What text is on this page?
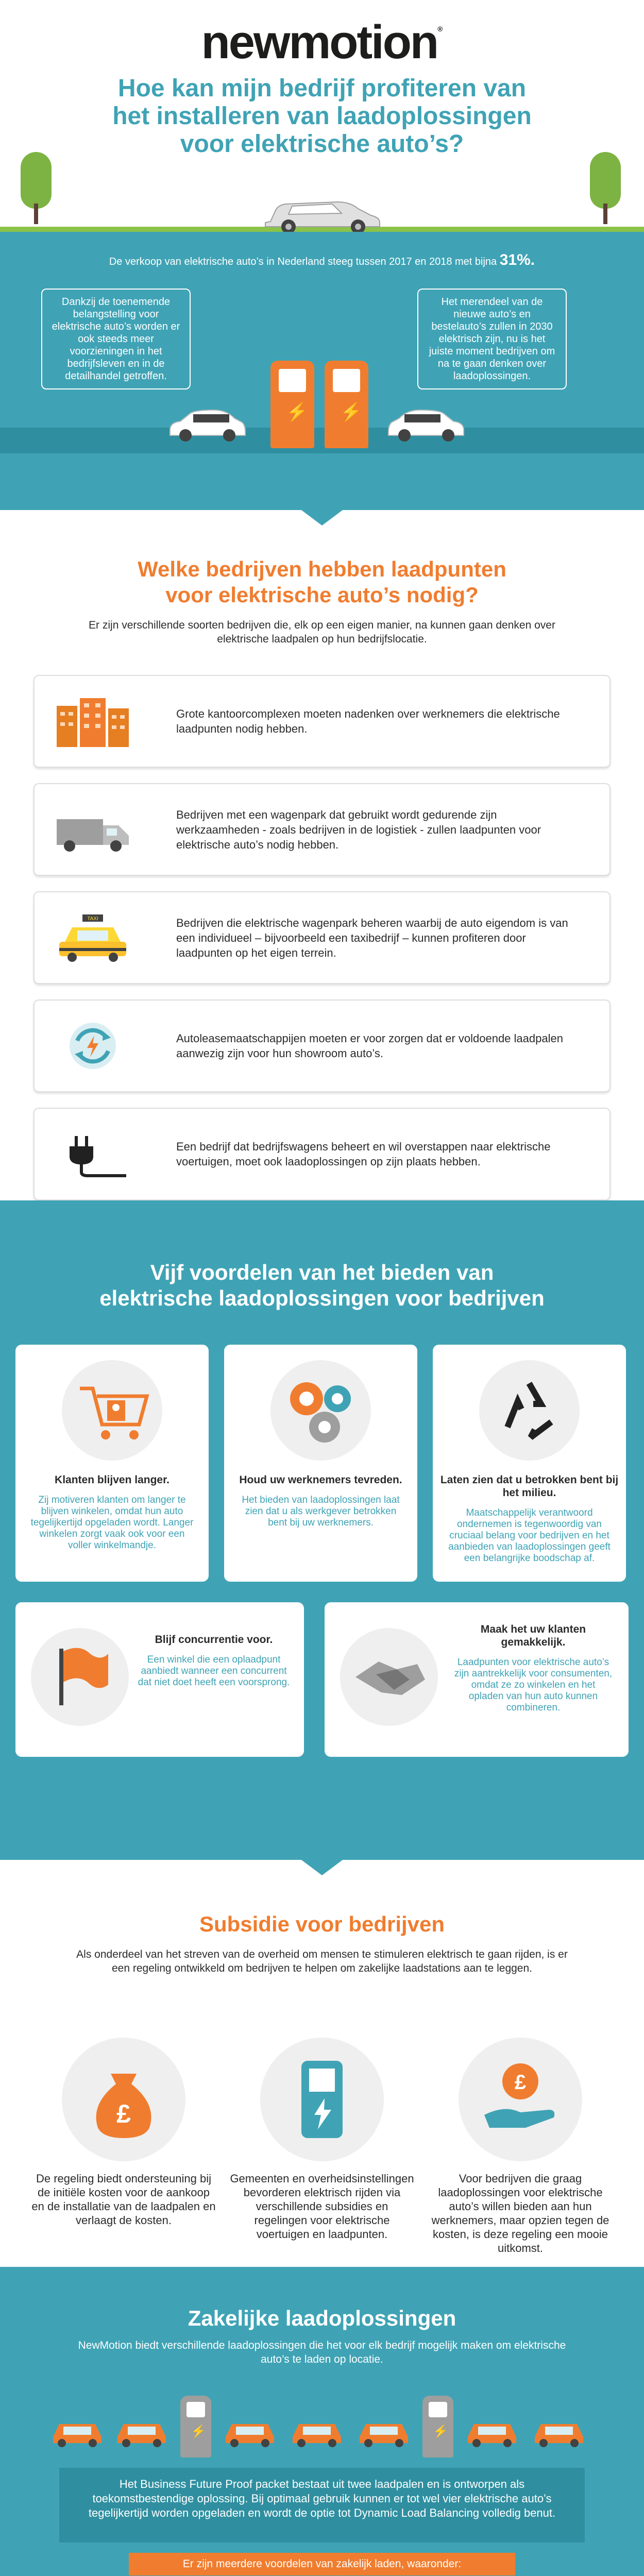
newmotion®
Hoe kan mijn bedrijf profiteren van
het installeren van laadoplossingen
voor elektrische auto’s?
De verkoop van elektrische auto’s in Nederland steeg tussen 2017 en 2018 met bijna 31%.
Dankzij de toenemende belangstelling voor elektrische auto’s worden er ook steeds meer voorzieningen in het bedrijfsleven en in de detailhandel getroffen.
Het merendeel van de nieuwe auto’s en bestelauto’s zullen in 2030 elektrisch zijn, nu is het juiste moment bedrijven om na te gaan denken over laadoplossingen.
⚡ ⚡
Welke bedrijven hebben laadpunten
voor elektrische auto’s nodig?
Er zijn verschillende soorten bedrijven die, elk op een eigen manier, na kunnen gaan denken over elektrische laadpalen op hun bedrijfslocatie.
Grote kantoorcomplexen moeten nadenken over werknemers die elektrische laadpunten nodig hebben.
Bedrijven met een wagenpark dat gebruikt wordt gedurende zijn werkzaamheden - zoals bedrijven in de logistiek - zullen laadpunten voor elektrische auto’s nodig hebben.
TAXI	Bedrijven die elektrische wagenpark beheren waarbij de auto eigendom is van een individueel – bijvoorbeeld een taxibedrijf – kunnen profiteren door laadpunten op het eigen terrein.
Autoleasemaatschappijen moeten er voor zorgen dat er voldoende laadpalen aanwezig zijn voor hun showroom auto’s.
Een bedrijf dat bedrijfswagens beheert en wil overstappen naar elektrische voertuigen, moet ook laadoplossingen op zijn plaats hebben.
Vijf voordelen van het bieden van
elektrische laadoplossingen voor bedrijven
Klanten blijven langer.
Zij motiveren klanten om langer te blijven winkelen, omdat hun auto tegelijkertijd opgeladen wordt. Langer winkelen zorgt vaak ook voor een voller winkelmandje.
Houd uw werknemers tevreden.
Het bieden van laadoplossingen laat zien dat u als werkgever betrokken bent bij uw werknemers.
Laten zien dat u betrokken bent bij het milieu.
Maatschappelijk verantwoord ondernemen is tegenwoordig van cruciaal belang voor bedrijven en het aanbieden van laadoplossingen geeft een belangrijke boodschap af.
Blijf concurrentie voor.
Een winkel die een oplaadpunt aanbiedt wanneer een concurrent dat niet doet heeft een voorsprong.
Maak het uw klanten gemakkelijk.
Laadpunten voor elektrische auto’s zijn aantrekkelijk voor consumenten, omdat ze zo winkelen en het opladen van hun auto kunnen combineren.
Subsidie voor bedrijven
Als onderdeel van het streven van de overheid om mensen te stimuleren elektrisch te gaan rijden, is er een regeling ontwikkeld om bedrijven te helpen om zakelijke laadstations aan te leggen.
£
De regeling biedt ondersteuning bij de initiële kosten voor de aankoop en de installatie van de laadpalen en verlaagt de kosten.
Gemeenten en overheidsinstellingen bevorderen elektrisch rijden via verschillende subsidies en regelingen voor elektrische voertuigen en laadpunten.
£
Voor bedrijven die graag laadoplossingen voor elektrische auto’s willen bieden aan hun werknemers, maar opzien tegen de kosten, is deze regeling een mooie uitkomst.
Zakelijke laadoplossingen
NewMotion biedt verschillende laadoplossingen die het voor elk bedrijf mogelijk maken om elektrische auto’s te laden op locatie.
⚡	⚡
Het Business Future Proof packet bestaat uit twee laadpalen en is ontworpen als toekomstbestendige oplossing. Bij optimaal gebruik kunnen er tot wel vier elektrische auto’s tegelijkertijd worden opgeladen en wordt de optie tot Dynamic Load Balancing volledig benut.
Er zijn meerdere voordelen van zakelijk laden, waaronder:
